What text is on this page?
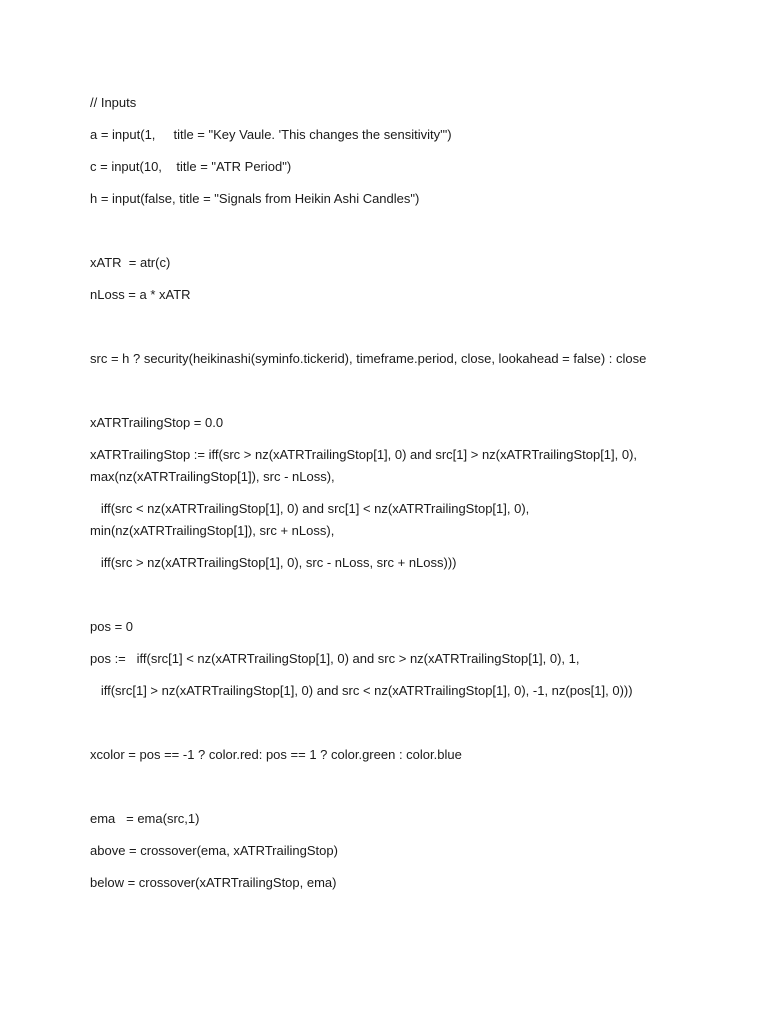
// Inputs
a = input(1,     title = "Key Vaule. 'This changes the sensitivity'")
c = input(10,    title = "ATR Period")
h = input(false, title = "Signals from Heikin Ashi Candles")
xATR  = atr(c)
nLoss = a * xATR
src = h ? security(heikinashi(syminfo.tickerid), timeframe.period, close, lookahead = false) : close
xATRTrailingStop = 0.0
xATRTrailingStop := iff(src > nz(xATRTrailingStop[1], 0) and src[1] > nz(xATRTrailingStop[1], 0),
max(nz(xATRTrailingStop[1]), src - nLoss),
iff(src < nz(xATRTrailingStop[1], 0) and src[1] < nz(xATRTrailingStop[1], 0),
min(nz(xATRTrailingStop[1]), src + nLoss),
iff(src > nz(xATRTrailingStop[1], 0), src - nLoss, src + nLoss)))
pos = 0
pos :=   iff(src[1] < nz(xATRTrailingStop[1], 0) and src > nz(xATRTrailingStop[1], 0), 1,
iff(src[1] > nz(xATRTrailingStop[1], 0) and src < nz(xATRTrailingStop[1], 0), -1, nz(pos[1], 0)))
xcolor = pos == -1 ? color.red: pos == 1 ? color.green : color.blue
ema   = ema(src,1)
above = crossover(ema, xATRTrailingStop)
below = crossover(xATRTrailingStop, ema)
